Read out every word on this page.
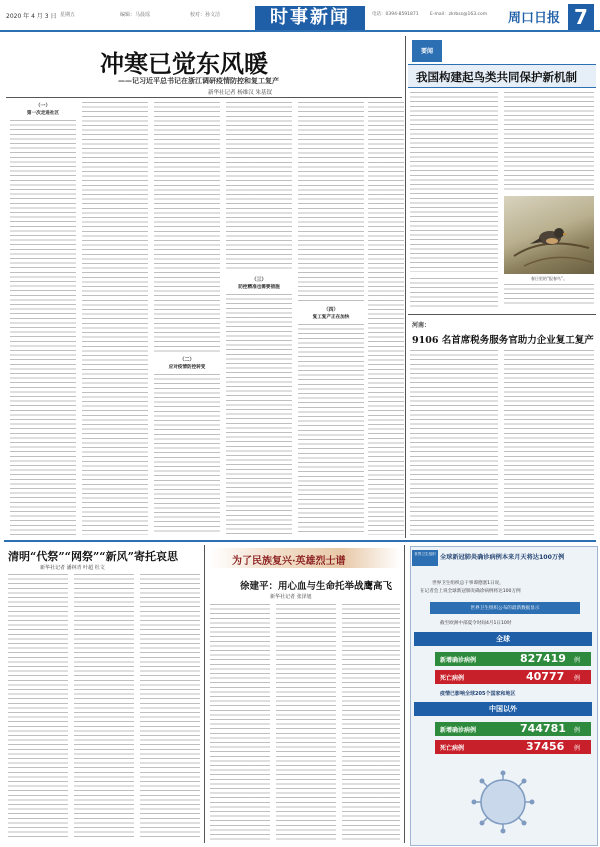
2020 年 4 月 3 日 星期五	编辑：马晨瑶	校对：孙文洁	时事新闻	电话：0394-8591871	E-mail：zkrbss@163.com 周口日报 7
冲寒已觉东风暖
——记习近平总书记在浙江调研疫情防控和复工复产
新华社记者 杨维汉 朱基钗
（一）
第一次走进社区
（二）
应对疫情防控转变
（三）
防控精准也需要措施
（四）
复工复产正在加快
要闻
我国构建起鸟类共同保护新机制
春日里的“报春鸟”。
河南：
9106 名首席税务服务官助力企业复工复产
清明“代祭”“网祭”“新风”寄托哀思
新华社记者 潘林青 叶超 杜文
为了民族复兴·英雄烈士谱
徐建平：用心血与生命托举战鹰高飞
新华社记者 张泽旭
世界卫生组织 全球新冠肺炎确诊病例本来月天将达100万例
世界卫生组织总干事谭德塞1日说，
在记者会上说全球新冠肺炎确诊病例将达100万例
世界卫生组织公布的最新数据显示
截至欧洲中部夏令时间4月1日10时
全球
新增确诊病例	827419 例
死亡病例	40777 例
疫情已影响全球205个国家和地区
中国以外
新增确诊病例	744781 例
死亡病例	37456 例
